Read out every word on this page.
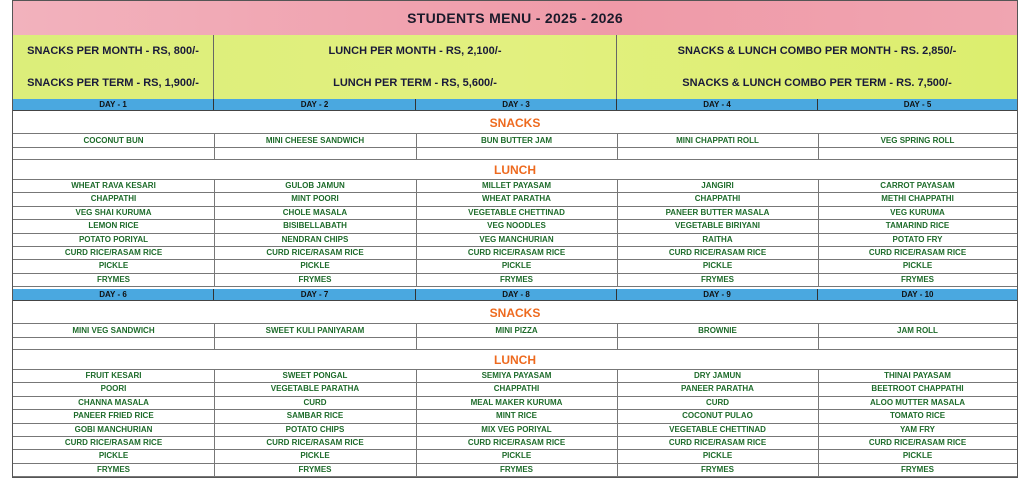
STUDENTS MENU - 2025 - 2026
SNACKS PER MONTH - RS, 800/-	LUNCH PER MONTH - RS, 2,100/-	SNACKS & LUNCH COMBO PER MONTH - RS. 2,850/-
SNACKS PER TERM - RS, 1,900/-	LUNCH PER TERM - RS, 5,600/-	SNACKS & LUNCH COMBO PER TERM - RS. 7,500/-
DAY - 1	DAY - 2	DAY - 3	DAY - 4	DAY - 5
SNACKS
COCONUT BUN	MINI CHEESE SANDWICH	BUN BUTTER JAM	MINI CHAPPATI ROLL	VEG SPRING ROLL
LUNCH
WHEAT RAVA KESARI	GULOB JAMUN	MILLET PAYASAM	JANGIRI	CARROT PAYASAM
CHAPPATHI	MINT POORI	WHEAT PARATHA	CHAPPATHI	METHI CHAPPATHI
VEG SHAI KURUMA	CHOLE MASALA	VEGETABLE CHETTINAD	PANEER BUTTER MASALA	VEG KURUMA
LEMON RICE	BISIBELLABATH	VEG NOODLES	VEGETABLE BIRIYANI	TAMARIND RICE
POTATO PORIYAL	NENDRAN CHIPS	VEG MANCHURIAN	RAITHA	POTATO FRY
CURD RICE/RASAM RICE	CURD RICE/RASAM RICE	CURD RICE/RASAM RICE	CURD RICE/RASAM RICE	CURD RICE/RASAM RICE
PICKLE	PICKLE	PICKLE	PICKLE	PICKLE
FRYMES	FRYMES	FRYMES	FRYMES	FRYMES
DAY - 6	DAY - 7	DAY - 8	DAY - 9	DAY - 10
SNACKS
MINI VEG SANDWICH	SWEET KULI PANIYARAM	MINI PIZZA	BROWNIE	JAM ROLL
LUNCH
FRUIT KESARI	SWEET PONGAL	SEMIYA PAYASAM	DRY JAMUN	THINAI PAYASAM
POORI	VEGETABLE PARATHA	CHAPPATHI	PANEER PARATHA	BEETROOT CHAPPATHI
CHANNA MASALA	CURD	MEAL MAKER KURUMA	CURD	ALOO MUTTER MASALA
PANEER FRIED RICE	SAMBAR RICE	MINT RICE	COCONUT PULAO	TOMATO RICE
GOBI MANCHURIAN	POTATO CHIPS	MIX VEG PORIYAL	VEGETABLE CHETTINAD	YAM FRY
CURD RICE/RASAM RICE	CURD RICE/RASAM RICE	CURD RICE/RASAM RICE	CURD RICE/RASAM RICE	CURD RICE/RASAM RICE
PICKLE	PICKLE	PICKLE	PICKLE	PICKLE
FRYMES	FRYMES	FRYMES	FRYMES	FRYMES
